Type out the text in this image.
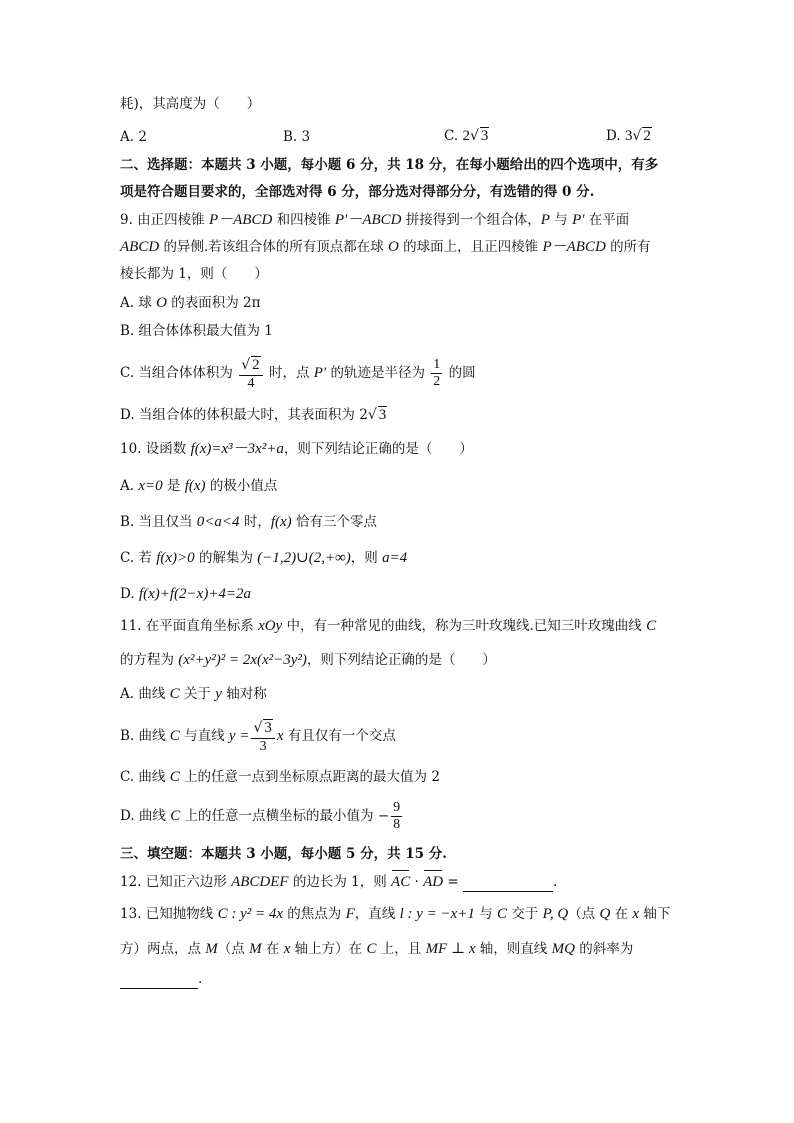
耗)，其高度为（　　）
A. 2	B. 3	C. 2√ 3	D. 3√ 2
二、选择题：本题共 3 小题，每小题 6 分，共 18 分，在每小题给出的四个选项中，有多
项是符合题目要求的，全部选对得 6 分，部分选对得部分分，有选错的得 0 分.
9. 由正四棱锥 P－ABCD 和四棱锥 P′－ABCD 拼接得到一个组合体，P 与 P′ 在平面
ABCD 的异侧.若该组合体的所有顶点都在球 O 的球面上，且正四棱锥 P－ABCD 的所有
棱长都为 1，则（　　）
A. 球 O 的表面积为 2π
B. 组合体体积最大值为 1
C. 当组合体体积为 $\frac{√ 2}{4}$ 时，点 P′ 的轨迹是半径为 $\frac{1}{2}$ 的圆
D. 当组合体的体积最大时，其表面积为 2√ 3
10. 设函数 f(x)=x³－3x²+a，则下列结论正确的是（　　）
A. x=0 是 f(x) 的极小值点
B. 当且仅当 0<a<4 时，f(x) 恰有三个零点
C. 若 f(x)>0 的解集为 (−1,2)∪(2,+∞)，则 a=4
D. f(x)+f(2−x)+4=2a
11. 在平面直角坐标系 xOy 中，有一种常见的曲线，称为三叶玫瑰线.已知三叶玫瑰曲线 C
的方程为 (x²+y²)² = 2x(x²−3y²)，则下列结论正确的是（　　）
A. 曲线 C 关于 y 轴对称
B. 曲线 C 与直线 $y = \frac{√ 3}{3}$ x 有且仅有一个交点
C. 曲线 C 上的任意一点到坐标原点距离的最大值为 2
D. 曲线 C 上的任意一点横坐标的最小值为 − $\frac{9}{8}$
三、填空题：本题共 3 小题，每小题 5 分，共 15 分.
12. 已知正六边形 ABCDEF 的边长为 1，则 AC · AD =	.
13. 已知抛物线 C : y² = 4x 的焦点为 F，直线 l : y = −x+1 与 C 交于 P, Q（点 Q 在 x 轴下
方）两点，点 M（点 M 在 x 轴上方）在 C 上，且 MF ⊥ x 轴，则直线 MQ 的斜率为
.
